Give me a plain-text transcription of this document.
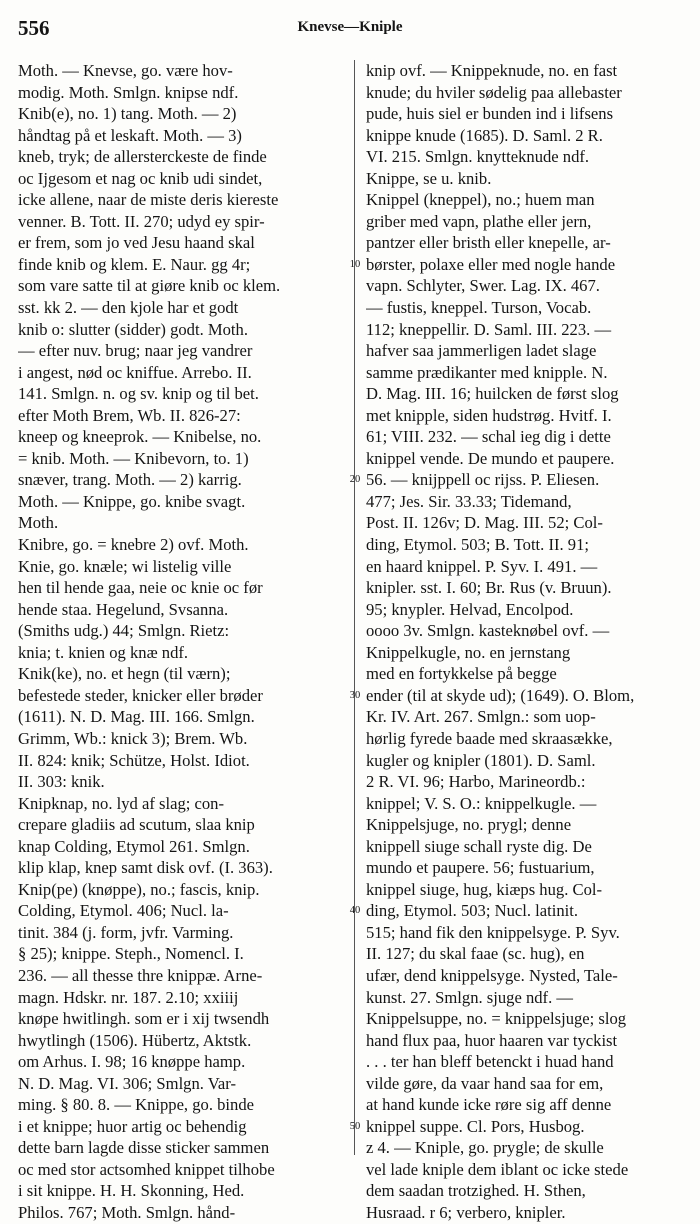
556	Knevse—Kniple
Moth. — Knevse, go. være hov-
modig. Moth. Smlgn. knipse ndf.
Knib(e), no. 1) tang. Moth. — 2)
håndtag på et leskaft. Moth. — 3)
kneb, tryk; de allersterckeste de finde
oc Ijgesom et nag oc knib udi sindet,
icke allene, naar de miste deris kiereste
venner. B. Tott. II. 270; udyd ey spir-
er frem, som jo ved Jesu haand skal
finde knib og klem. E. Naur. gg 4r;
som vare satte til at giøre knib oc klem.
sst. kk 2. — den kjole har et godt
knib o: slutter (sidder) godt. Moth.
— efter nuv. brug; naar jeg vandrer
i angest, nød oc kniffue. Arrebo. II.
141. Smlgn. n. og sv. knip og til bet.
efter Moth Brem, Wb. II. 826-27:
kneep og kneeprok. — Knibelse, no.
= knib. Moth. — Knibevorn, to. 1)
snæver, trang. Moth. — 2) karrig.
Moth. — Knippe, go. knibe svagt.
Moth.
Knibre, go. = knebre 2) ovf. Moth.
Knie, go. knæle; wi listelig ville
hen til hende gaa, neie oc knie oc før
hende staa. Hegelund, Svsanna.
(Smiths udg.) 44; Smlgn. Rietz:
knia; t. knien og knæ ndf.
Knik(ke), no. et hegn (til værn);
befestede steder, knicker eller brøder
(1611). N. D. Mag. III. 166. Smlgn.
Grimm, Wb.: knick 3); Brem. Wb.
II. 824: knik; Schütze, Holst. Idiot.
II. 303: knik.
Knipknap, no. lyd af slag; con-
crepare gladiis ad scutum, slaa knip
knap Colding, Etymol 261. Smlgn.
klip klap, knep samt disk ovf. (I. 363).
Knip(pe) (knøppe), no.; fascis, knip.
Colding, Etymol. 406; Nucl. la-
tinit. 384 (j. form, jvfr. Varming.
§ 25); knippe. Steph., Nomencl. I.
236. — all thesse thre knippæ. Arne-
magn. Hdskr. nr. 187. 2.10; xxiiij
knøpe hwitlingh. som er i xij twsendh
hwytlingh (1506). Hübertz, Aktstk.
om Arhus. I. 98; 16 knøppe hamp.
N. D. Mag. VI. 306; Smlgn. Var-
ming. § 80. 8. — Knippe, go. binde
i et knippe; huor artig oc behendig
dette barn lagde disse sticker sammen
oc med stor actsomhed knippet tilhobe
i sit knippe. H. H. Skonning, Hed.
Philos. 767; Moth. Smlgn. hånd-
10
20
30
40
50
knip ovf. — Knippeknude, no. en fast
knude; du hviler sødelig paa allebaster
pude, huis siel er bunden ind i lifsens
knippe knude (1685). D. Saml. 2 R.
VI. 215. Smlgn. knytteknude ndf.
Knippe, se u. knib.
Knippel (kneppel), no.; huem man
griber med vapn, plathe eller jern,
pantzer eller bristh eller knepelle, ar-
børster, polaxe eller med nogle hande
vapn. Schlyter, Swer. Lag. IX. 467.
— fustis, kneppel. Turson, Vocab.
112; kneppellir. D. Saml. III. 223. —
hafver saa jammerligen ladet slage
samme prædikanter med knipple. N.
D. Mag. III. 16; huilcken de først slog
met knipple, siden hudstrøg. Hvitf. I.
61; VIII. 232. — schal ieg dig i dette
knippel vende. De mundo et paupere.
56. — knijppell oc rijss. P. Eliesen.
477; Jes. Sir. 33.33; Tidemand,
Post. II. 126v; D. Mag. III. 52; Col-
ding, Etymol. 503; B. Tott. II. 91;
en haard knippel. P. Syv. I. 491. —
knipler. sst. I. 60; Br. Rus (v. Bruun).
95; knypler. Helvad, Encolpod.
oooo 3v. Smlgn. kasteknøbel ovf. —
Knippelkugle, no. en jernstang
med en fortykkelse på begge
ender (til at skyde ud); (1649). O. Blom,
Kr. IV. Art. 267. Smlgn.: som uop-
hørlig fyrede baade med skraasække,
kugler og knipler (1801). D. Saml.
2 R. VI. 96; Harbo, Marineordb.:
knippel; V. S. O.: knippelkugle. —
Knippelsjuge, no. prygl; denne
knippell siuge schall ryste dig. De
mundo et paupere. 56; fustuarium,
knippel siuge, hug, kiæps hug. Col-
ding, Etymol. 503; Nucl. latinit.
515; hand fik den knippelsyge. P. Syv.
II. 127; du skal faae (sc. hug), en
ufær, dend knippelsyge. Nysted, Tale-
kunst. 27. Smlgn. sjuge ndf. —
Knippelsuppe, no. = knippelsjuge; slog
hand flux paa, huor haaren var tyckist
. . . ter han bleff betenckt i huad hand
vilde gøre, da vaar hand saa for em,
at hand kunde icke røre sig aff denne
knippel suppe. Cl. Pors, Husbog.
z 4. — Kniple, go. prygle; de skulle
vel lade kniple dem iblant oc icke stede
dem saadan trotzighed. H. Sthen,
Husraad. r 6; verbero, knipler.
